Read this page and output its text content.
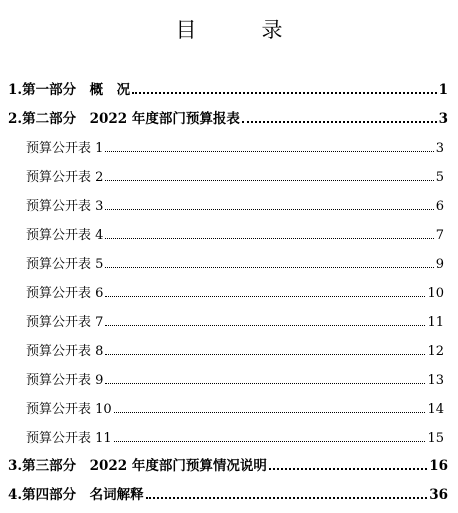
目　录
1.第一部分　概　况	1
2.第二部分　2022 年度部门预算报表	3
预算公开表 1	3
预算公开表 2	5
预算公开表 3	6
预算公开表 4	7
预算公开表 5	9
预算公开表 6	10
预算公开表 7	11
预算公开表 8	12
预算公开表 9	13
预算公开表 10	14
预算公开表 11	15
3.第三部分　2022 年度部门预算情况说明	16
4.第四部分　名词解释	36
